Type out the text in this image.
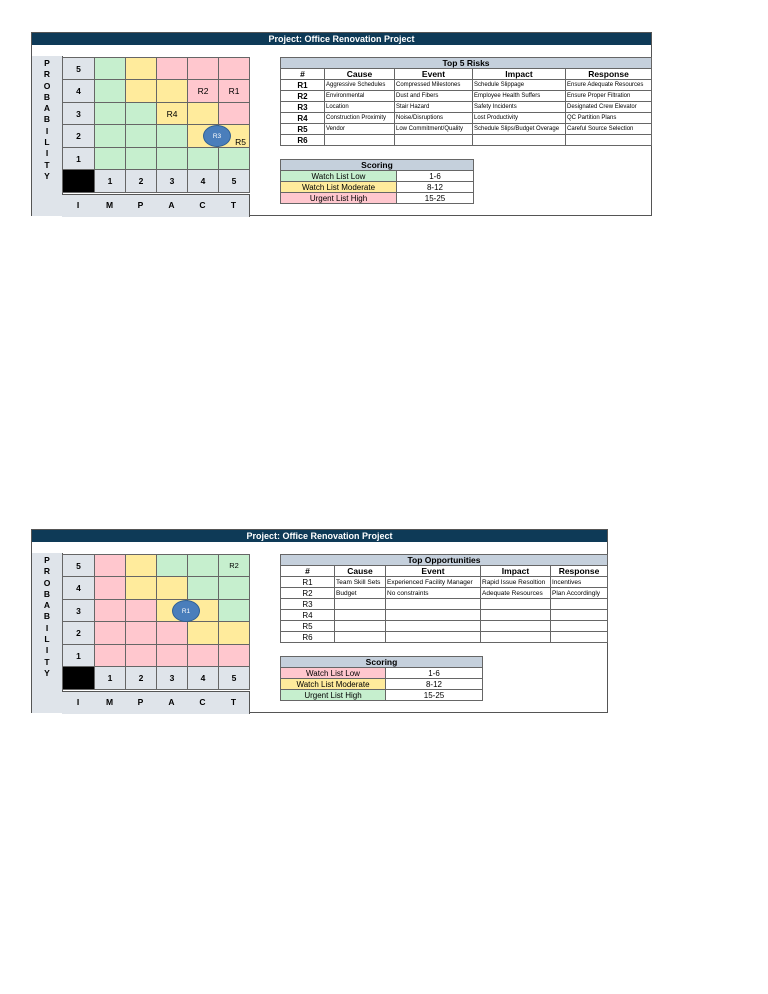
Project: Office Renovation Project
P
R
O
B
A
B
I
L
I
T
Y
5					
4				R2	R1
3			R4		
2					R5
1					
	1	2	3	4	5
I	M	P	A	C	T
R3
Top 5 Risks				
#	Cause	Event	Impact	Response
R1	Aggressive Schedules	Compressed Milestones	Schedule Slippage	Ensure Adequate Resources
R2	Environmental	Dust and Fibers	Employee Health Suffers	Ensure Proper Filtration
R3	Location	Stair Hazard	Safety Incidents	Designated Crew Elevator
R4	Construction Proximity	Noise/Disruptions	Lost Productivity	QC Partition Plans
R5	Vendor	Low Commitment/Quality	Schedule Slips/Budget Overage	Careful Source Selection
R6				
Scoring	
Watch List Low	1-6
Watch List Moderate	8-12
Urgent List High	15-25
Project: Office Renovation Project
P
R
O
B
A
B
I
L
I
T
Y
5					R2
4					
3					
2					
1					
	1	2	3	4	5
I	M	P	A	C	T
R1
Top Opportunities				
#	Cause	Event	Impact	Response
R1	Team Skill Sets	Experienced Facility Manager	Rapid Issue Resoltion	Incentives
R2	Budget	No constraints	Adequate Resources	Plan Accordingly
R3				
R4				
R5				
R6				
Scoring	
Watch List Low	1-6
Watch List Moderate	8-12
Urgent List High	15-25
